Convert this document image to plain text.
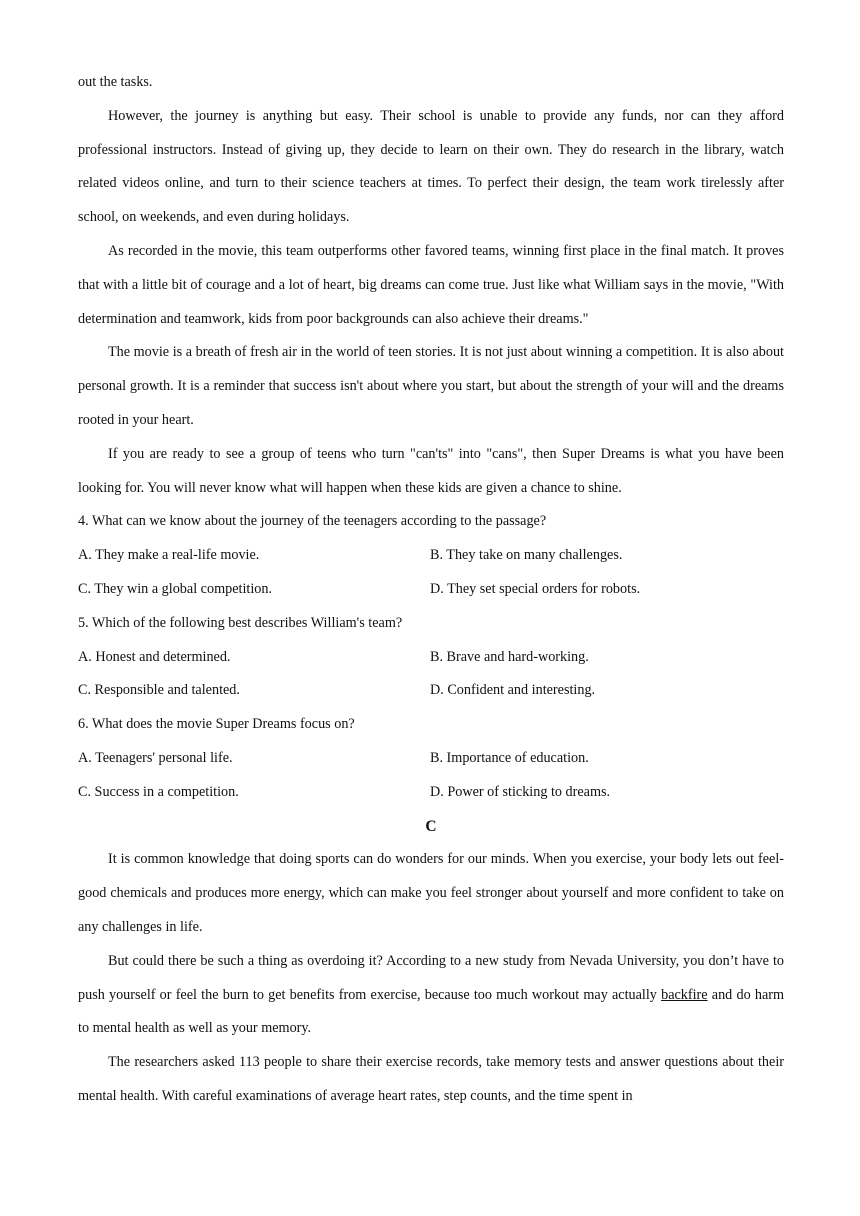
out the tasks.

However, the journey is anything but easy. Their school is unable to provide any funds, nor can they afford professional instructors. Instead of giving up, they decide to learn on their own. They do research in the library, watch related videos online, and turn to their science teachers at times. To perfect their design, the team work tirelessly after school, on weekends, and even during holidays.

As recorded in the movie, this team outperforms other favored teams, winning first place in the final match. It proves that with a little bit of courage and a lot of heart, big dreams can come true. Just like what William says in the movie, "With determination and teamwork, kids from poor backgrounds can also achieve their dreams."

The movie is a breath of fresh air in the world of teen stories. It is not just about winning a competition. It is also about personal growth. It is a reminder that success isn't about where you start, but about the strength of your will and the dreams rooted in your heart.

If you are ready to see a group of teens who turn "can'ts" into "cans", then Super Dreams is what you have been looking for. You will never know what will happen when these kids are given a chance to shine.

4. What can we know about the journey of the teenagers according to the passage?

A. They make a real-life movie.	B. They take on many challenges.

C. They win a global competition.	D. They set special orders for robots.

5. Which of the following best describes William's team?

A. Honest and determined.	B. Brave and hard-working.

C. Responsible and talented.	D. Confident and interesting.

6. What does the movie Super Dreams focus on?

A. Teenagers' personal life.	B. Importance of education.

C. Success in a competition.	D. Power of sticking to dreams.

C

It is common knowledge that doing sports can do wonders for our minds. When you exercise, your body lets out feel-good chemicals and produces more energy, which can make you feel stronger about yourself and more confident to take on any challenges in life.

But could there be such a thing as overdoing it? According to a new study from Nevada University, you don’t have to push yourself or feel the burn to get benefits from exercise, because too much workout may actually backfire and do harm to mental health as well as your memory.

The researchers asked 113 people to share their exercise records, take memory tests and answer questions about their mental health. With careful examinations of average heart rates, step counts, and the time spent in
